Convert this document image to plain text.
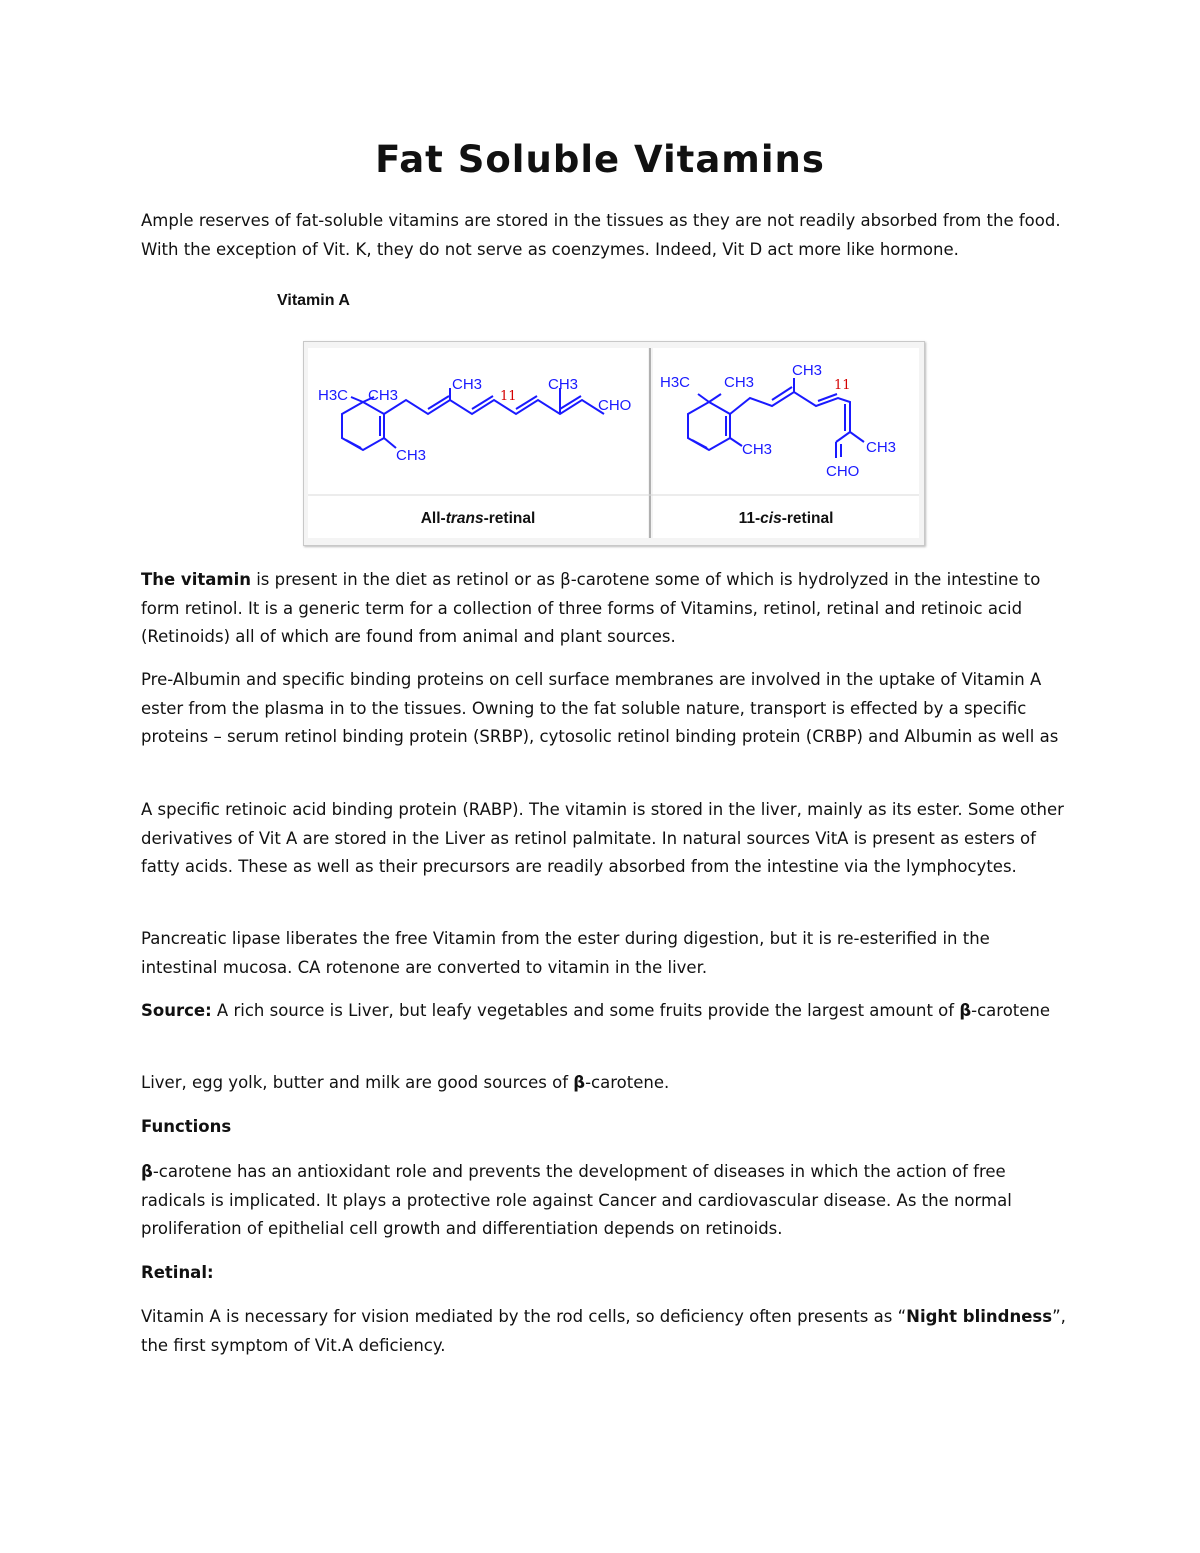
Fat Soluble Vitamins

Ample reserves of fat-soluble vitamins are stored in the tissues as they are not readily absorbed from the food. With the exception of Vit. K, they do not serve as coenzymes. Indeed, Vit D act more like hormone.

Vitamin A
H3C CH3
CH3
CH3	CH3
CHO
11
H3C CH3
CH3
CH3
CH3
CHO
11
All-trans-retinal	11-cis-retinal

The vitamin is present in the diet as retinol or as β-carotene some of which is hydrolyzed in the intestine to form retinol. It is a generic term for a collection of three forms of Vitamins, retinol, retinal and retinoic acid (Retinoids) all of which are found from animal and plant sources.

Pre-Albumin and specific binding proteins on cell surface membranes are involved in the uptake of Vitamin A ester from the plasma in to the tissues. Owning to the fat soluble nature, transport is effected by a specific proteins – serum retinol binding protein (SRBP), cytosolic retinol binding protein (CRBP) and Albumin as well as

A specific retinoic acid binding protein (RABP). The vitamin is stored in the liver, mainly as its ester. Some other derivatives of Vit A are stored in the Liver as retinol palmitate. In natural sources VitA is present as esters of fatty acids. These as well as their precursors are readily absorbed from the intestine via the lymphocytes.

Pancreatic lipase liberates the free Vitamin from the ester during digestion, but it is re-esterified in the intestinal mucosa. CA rotenone are converted to vitamin in the liver.

Source: A rich source is Liver, but leafy vegetables and some fruits provide the largest amount of β-carotene

Liver, egg yolk, butter and milk are good sources of β-carotene.

Functions

β-carotene has an antioxidant role and prevents the development of diseases in which the action of free radicals is implicated. It plays a protective role against Cancer and cardiovascular disease. As the normal proliferation of epithelial cell growth and differentiation depends on retinoids.

Retinal:

Vitamin A is necessary for vision mediated by the rod cells, so deficiency often presents as “Night blindness”, the first symptom of Vit.A deficiency.
